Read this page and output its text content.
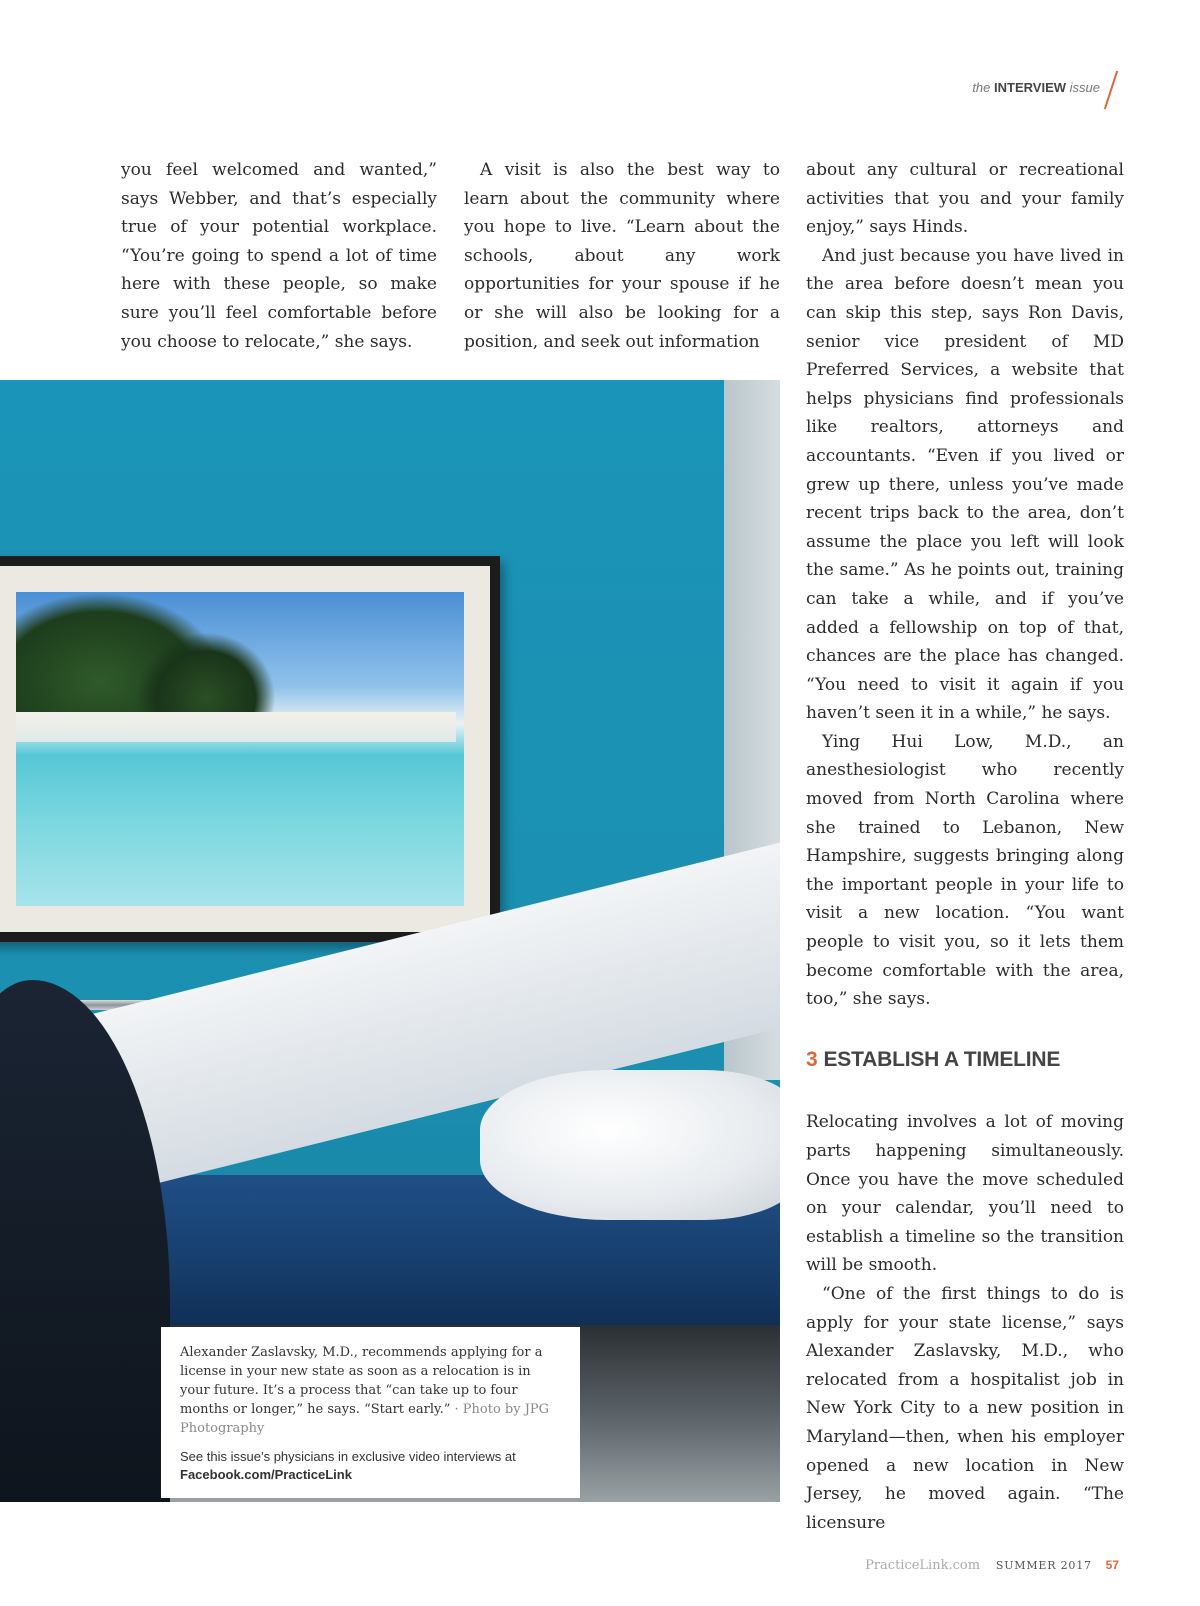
the INTERVIEW issue

you feel welcomed and wanted,” says Webber, and that’s especially true of your potential workplace. “You’re going to spend a lot of time here with these people, so make sure you’ll feel comfortable before you choose to relocate,” she says.

A visit is also the best way to learn about the community where you hope to live. “Learn about the schools, about any work opportunities for your spouse if he or she will also be looking for a position, and seek out information

about any cultural or recreational activities that you and your family enjoy,” says Hinds.

And just because you have lived in the area before doesn’t mean you can skip this step, says Ron Davis, senior vice president of MD Preferred Services, a website that helps physicians find professionals like realtors, attorneys and accountants. “Even if you lived or grew up there, unless you’ve made recent trips back to the area, don’t assume the place you left will look the same.” As he points out, training can take a while, and if you’ve added a fellowship on top of that, chances are the place has changed. “You need to visit it again if you haven’t seen it in a while,” he says.

Ying Hui Low, M.D., an anesthesiologist who recently moved from North Carolina where she trained to Lebanon, New Hampshire, suggests bringing along the important people in your life to visit a new location. “You want people to visit you, so it lets them become comfortable with the area, too,” she says.

3 ESTABLISH A TIMELINE

Relocating involves a lot of moving parts happening simultaneously. Once you have the move scheduled on your calendar, you’ll need to establish a timeline so the transition will be smooth.

“One of the first things to do is apply for your state license,” says Alexander Zaslavsky, M.D., who relocated from a hospitalist job in New York City to a new position in Maryland—then, when his employer opened a new location in New Jersey, he moved again. “The licensure

Alexander Zaslavsky, M.D., recommends applying for a license in your new state as soon as a relocation is in your future. It’s a process that “can take up to four months or longer,” he says. “Start early.” · Photo by JPG Photography

See this issue’s physicians in exclusive video interviews at Facebook.com/PracticeLink

PracticeLink.com SUMMER 2017 57
